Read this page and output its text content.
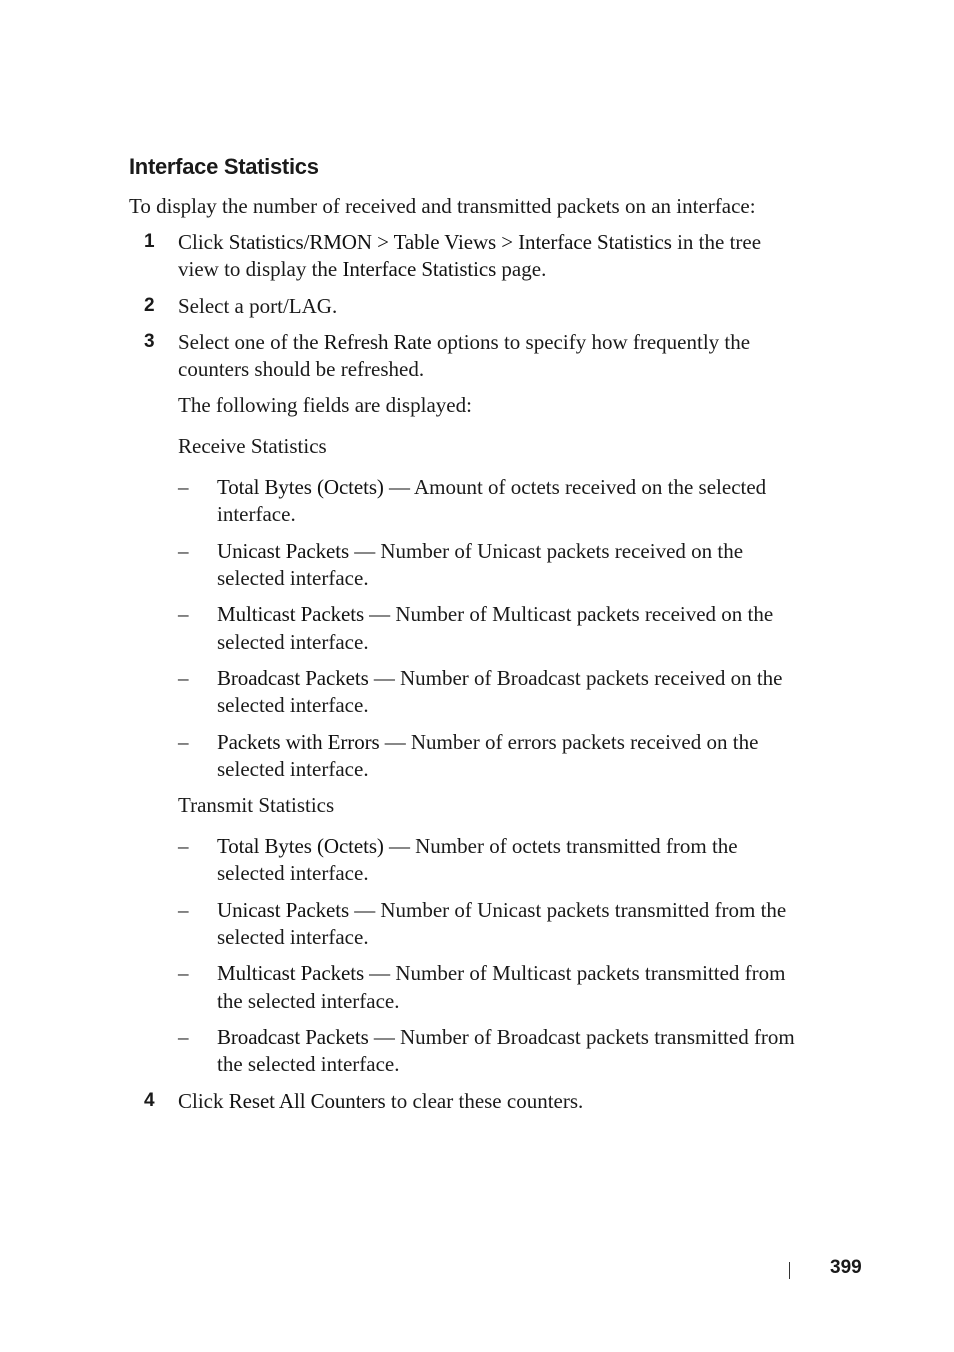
Interface Statistics

To display the number of received and transmitted packets on an interface:

1 Click Statistics/RMON > Table Views > Interface Statistics in the tree

view to display the Interface Statistics page.

2 Select a port/LAG.

3 Select one of the Refresh Rate options to specify how frequently the

counters should be refreshed.

The following fields are displayed:

Receive Statistics

– Total Bytes (Octets) — Amount of octets received on the selected

interface.

– Unicast Packets — Number of Unicast packets received on the

selected interface.

– Multicast Packets — Number of Multicast packets received on the

selected interface.

– Broadcast Packets — Number of Broadcast packets received on the

selected interface.

– Packets with Errors — Number of errors packets received on the

selected interface.

Transmit Statistics

– Total Bytes (Octets) — Number of octets transmitted from the

selected interface.

– Unicast Packets — Number of Unicast packets transmitted from the

selected interface.

– Multicast Packets — Number of Multicast packets transmitted from

the selected interface.

– Broadcast Packets — Number of Broadcast packets transmitted from

the selected interface.

4 Click Reset All Counters to clear these counters.

399
